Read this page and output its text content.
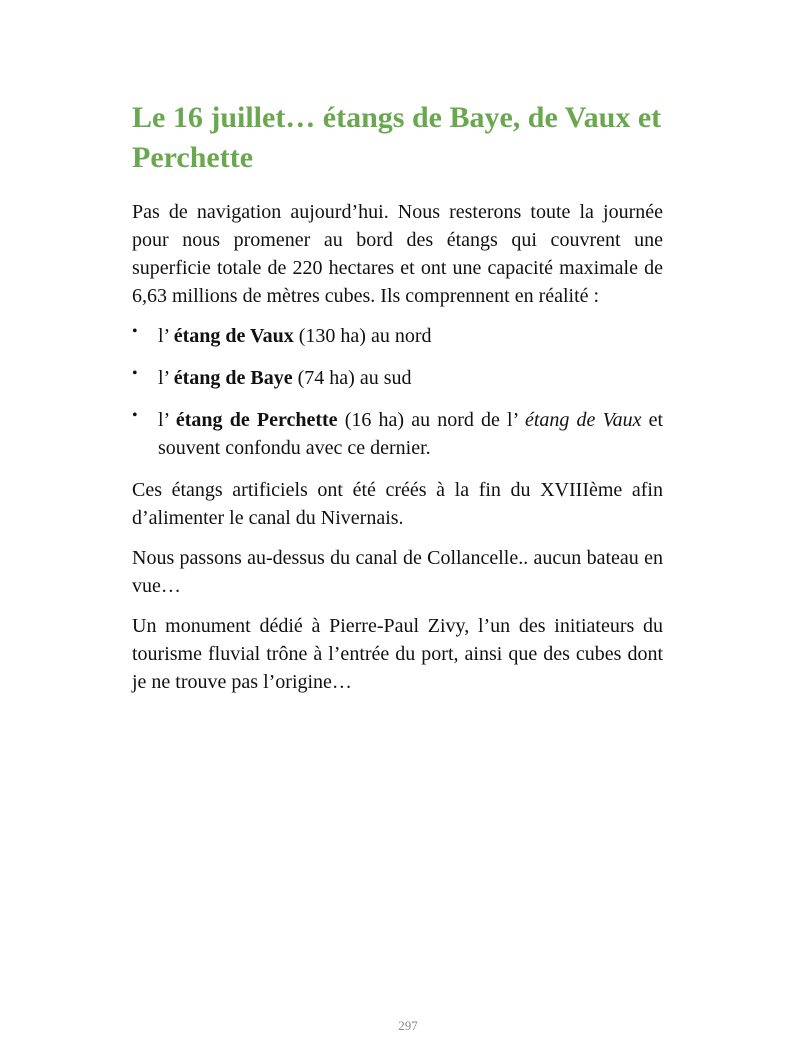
Le 16 juillet… étangs de Baye, de Vaux et Perchette

Pas de navigation aujourd’hui. Nous resterons toute la journée pour nous promener au bord des étangs qui couvrent une superficie totale de 220 hectares et ont une capacité maximale de 6,63 millions de mètres cubes. Ils comprennent en réalité :

• l’ étang de Vaux (130 ha) au nord
• l’ étang de Baye (74 ha) au sud
• l’ étang de Perchette (16 ha) au nord de l’ étang de Vaux et souvent confondu avec ce dernier.

Ces étangs artificiels ont été créés à la fin du XVIIIème afin d’alimenter le canal du Nivernais.

Nous passons au-dessus du canal de Collancelle.. aucun bateau en vue…

Un monument dédié à Pierre-Paul Zivy, l’un des initiateurs du tourisme fluvial trône à l’entrée du port, ainsi que des cubes dont je ne trouve pas l’origine…

297
